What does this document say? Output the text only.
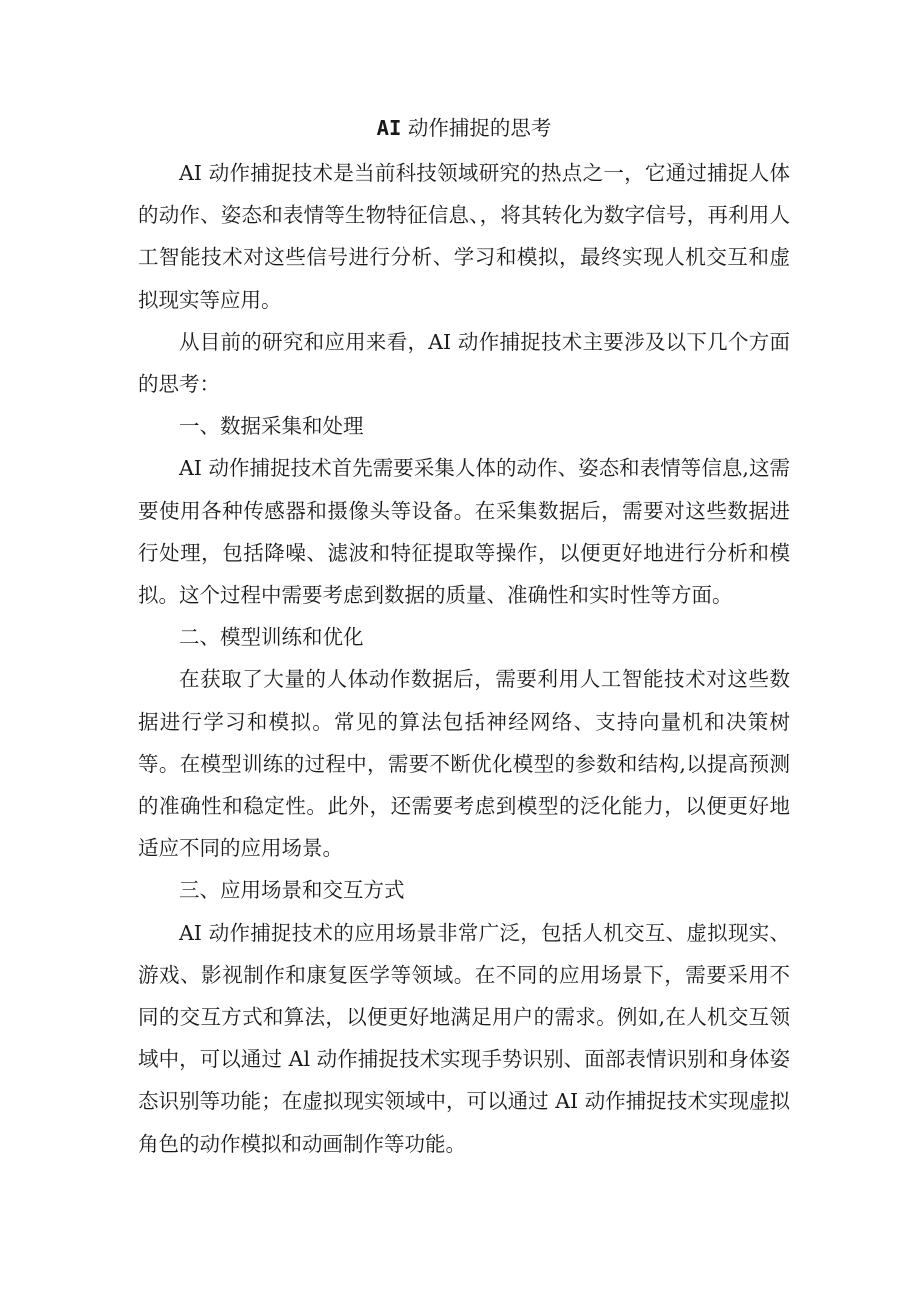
AI 动作捕捉的思考

AI 动作捕捉技术是当前科技领域研究的热点之一，它通过捕捉人体的动作、姿态和表情等生物特征信息、，将其转化为数字信号，再利用人工智能技术对这些信号进行分析、学习和模拟，最终实现人机交互和虚拟现实等应用。

从目前的研究和应用来看，AI 动作捕捉技术主要涉及以下几个方面的思考：

一、数据采集和处理

AI 动作捕捉技术首先需要采集人体的动作、姿态和表情等信息,这需要使用各种传感器和摄像头等设备。在采集数据后，需要对这些数据进行处理，包括降噪、滤波和特征提取等操作，以便更好地进行分析和模拟。这个过程中需要考虑到数据的质量、准确性和实时性等方面。

二、模型训练和优化

在获取了大量的人体动作数据后，需要利用人工智能技术对这些数据进行学习和模拟。常见的算法包括神经网络、支持向量机和决策树等。在模型训练的过程中，需要不断优化模型的参数和结构,以提高预测的准确性和稳定性。此外，还需要考虑到模型的泛化能力，以便更好地适应不同的应用场景。

三、应用场景和交互方式

AI 动作捕捉技术的应用场景非常广泛，包括人机交互、虚拟现实、游戏、影视制作和康复医学等领域。在不同的应用场景下，需要采用不同的交互方式和算法，以便更好地满足用户的需求。例如,在人机交互领域中，可以通过 Al 动作捕捉技术实现手势识别、面部表情识别和身体姿态识别等功能；在虚拟现实领域中，可以通过 AI 动作捕捉技术实现虚拟角色的动作模拟和动画制作等功能。
